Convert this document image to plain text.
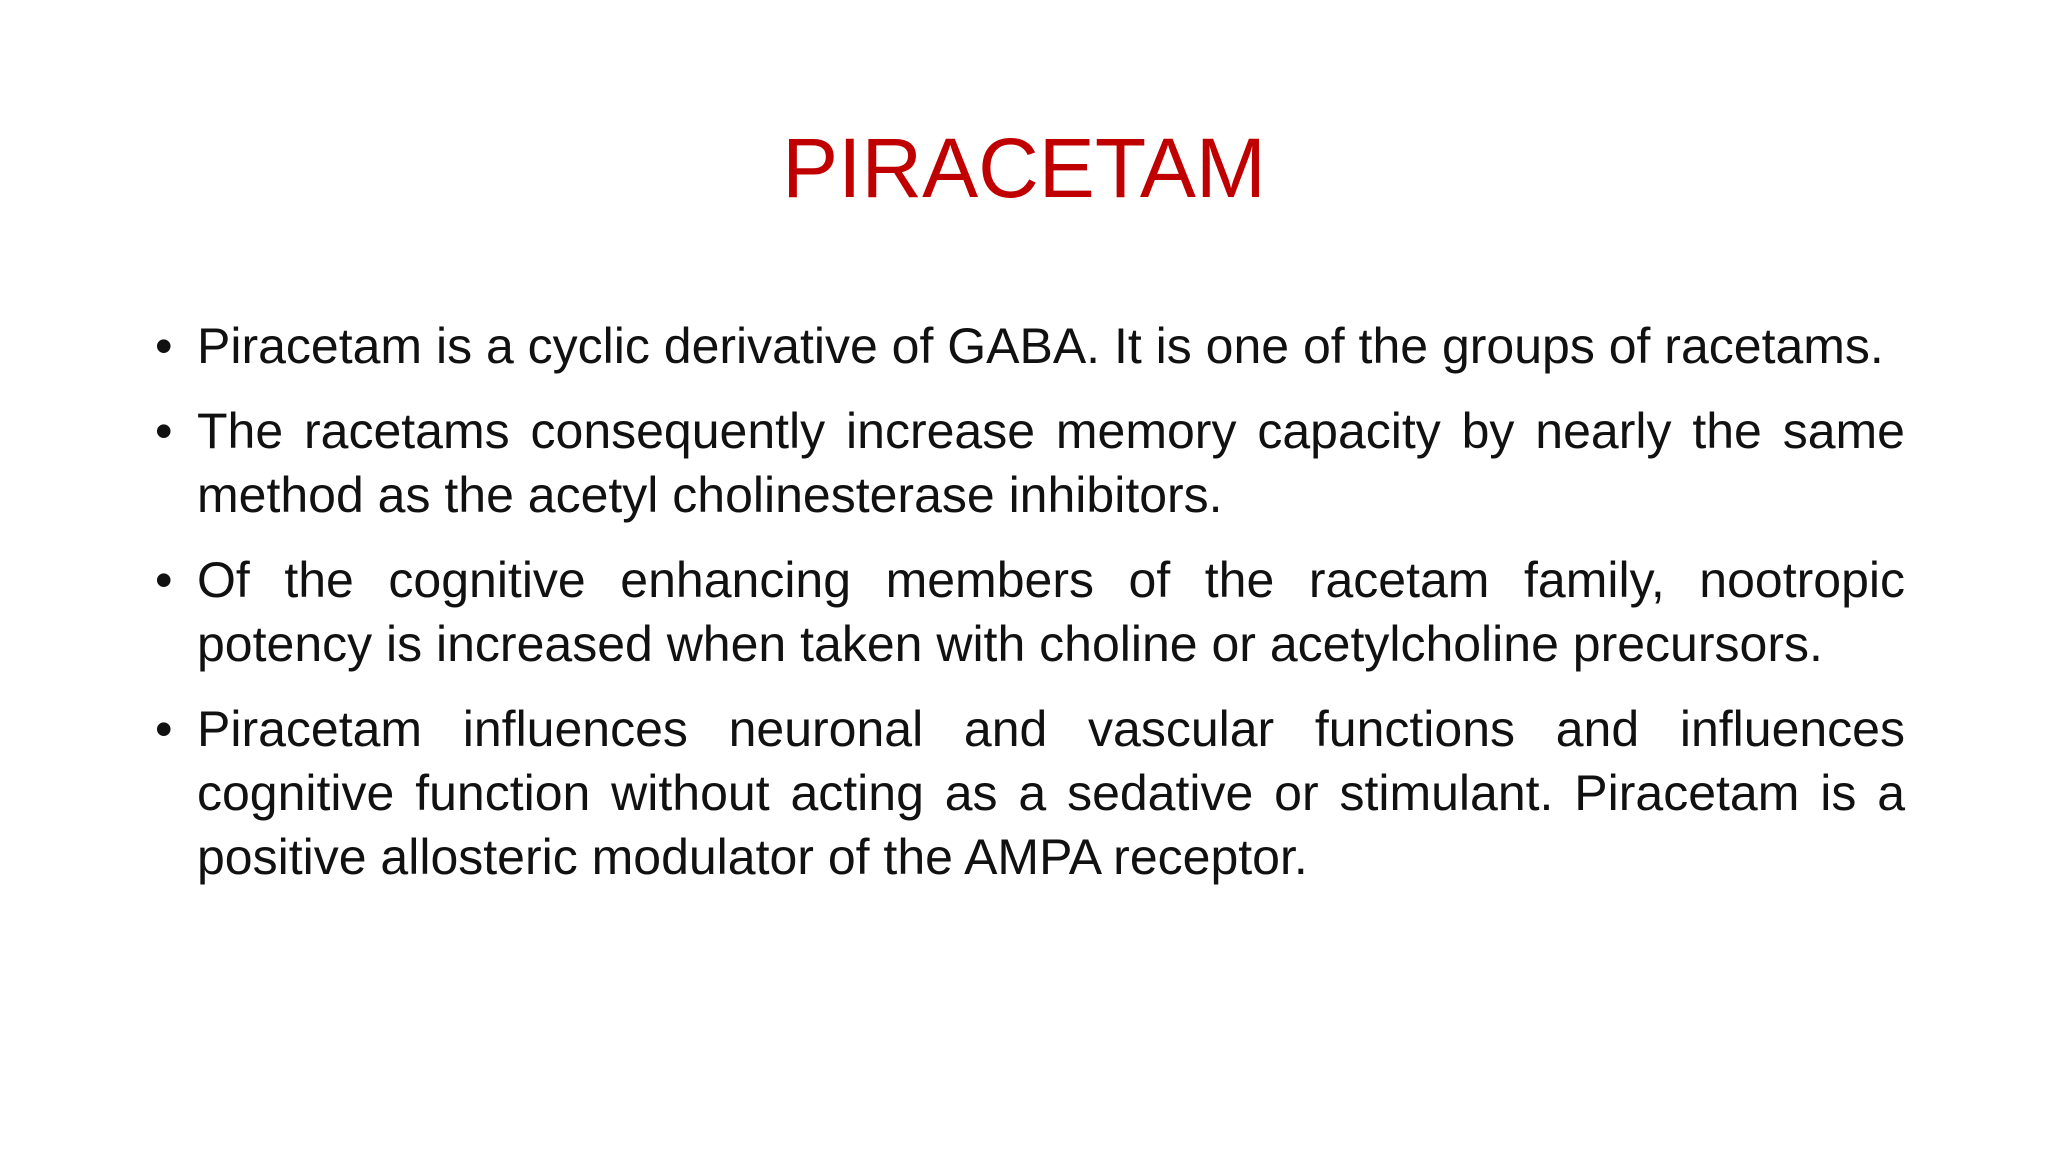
PIRACETAM
• Piracetam is a cyclic derivative of GABA. It is one of the groups of racetams.
• The racetams consequently increase memory capacity by nearly the same method as the acetyl cholinesterase inhibitors.
• Of the cognitive enhancing members of the racetam family, nootropic potency is increased when taken with choline or acetylcholine precursors.
• Piracetam influences neuronal and vascular functions and influences cognitive function without acting as a sedative or stimulant. Piracetam is a positive allosteric modulator of the AMPA receptor.
